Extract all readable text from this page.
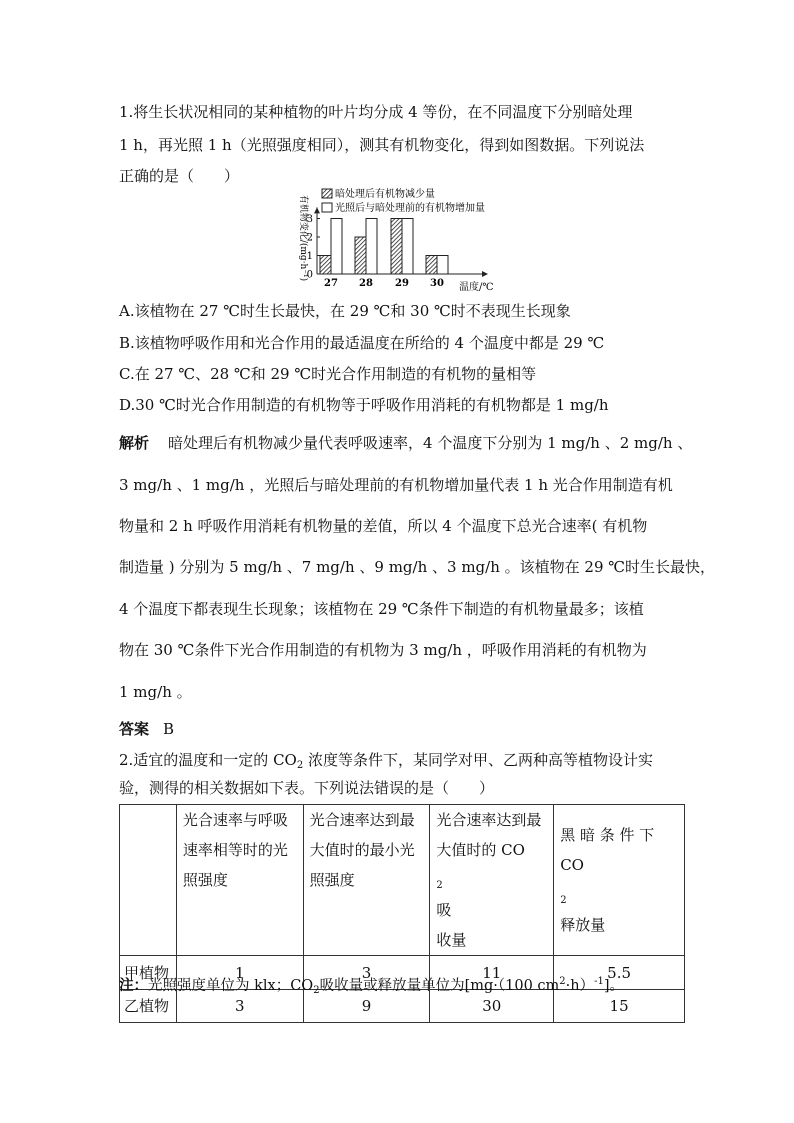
1.将生长状况相同的某种植物的叶片均分成 4 等份，在不同温度下分别暗处理
1 h，再光照 1 h（光照强度相同），测其有机物变化，得到如图数据。下列说法
正确的是（　　）
0
1
2
3
有机物变化/(mg·h⁻¹)
27 28 29 30 温度/℃
暗处理后有机物减少量
光照后与暗处理前的有机物增加量
A.该植物在 27 ℃时生长最快，在 29 ℃和 30 ℃时不表现生长现象
B.该植物呼吸作用和光合作用的最适温度在所给的 4 个温度中都是 29 ℃
C.在 27 ℃、28 ℃和 29 ℃时光合作用制造的有机物的量相等
D.30 ℃时光合作用制造的有机物等于呼吸作用消耗的有机物都是 1 mg/h
解析 暗处理后有机物减少量代表呼吸速率，4 个温度下分别为 1 mg/h 、2 mg/h 、
3 mg/h 、1 mg/h ，光照后与暗处理前的有机物增加量代表 1 h 光合作用制造有机
物量和 2 h 呼吸作用消耗有机物量的差值，所以 4 个温度下总光合速率( 有机物
制造量 ) 分别为 5 mg/h 、7 mg/h 、9 mg/h 、3 mg/h 。该植物在 29 ℃时生长最快，
4 个温度下都表现生长现象；该植物在 29 ℃条件下制造的有机物量最多；该植
物在 30 ℃条件下光合作用制造的有机物为 3 mg/h ，呼吸作用消耗的有机物为
1 mg/h 。
答案 B
2.适宜的温度和一定的 $CO_2$ 浓度等条件下，某同学对甲、乙两种高等植物设计实
验，测得的相关数据如下表。下列说法错误的是（　　）

	光合速率与呼吸
速率相等时的光
照强度	光合速率达到最
大值时的最小光
照强度	光合速率达到最
大值时的 CO
$_2$
吸
收量	黑 暗 条 件 下
CO
$_2$
释放量

甲植物	1	3	11	5.5
乙植物	3	9	30	15
注：光照强度单位为 klx；$CO_2$吸收量或释放量单位为[mg·（100 $cm^2\cdot h)^{-1}$]。
